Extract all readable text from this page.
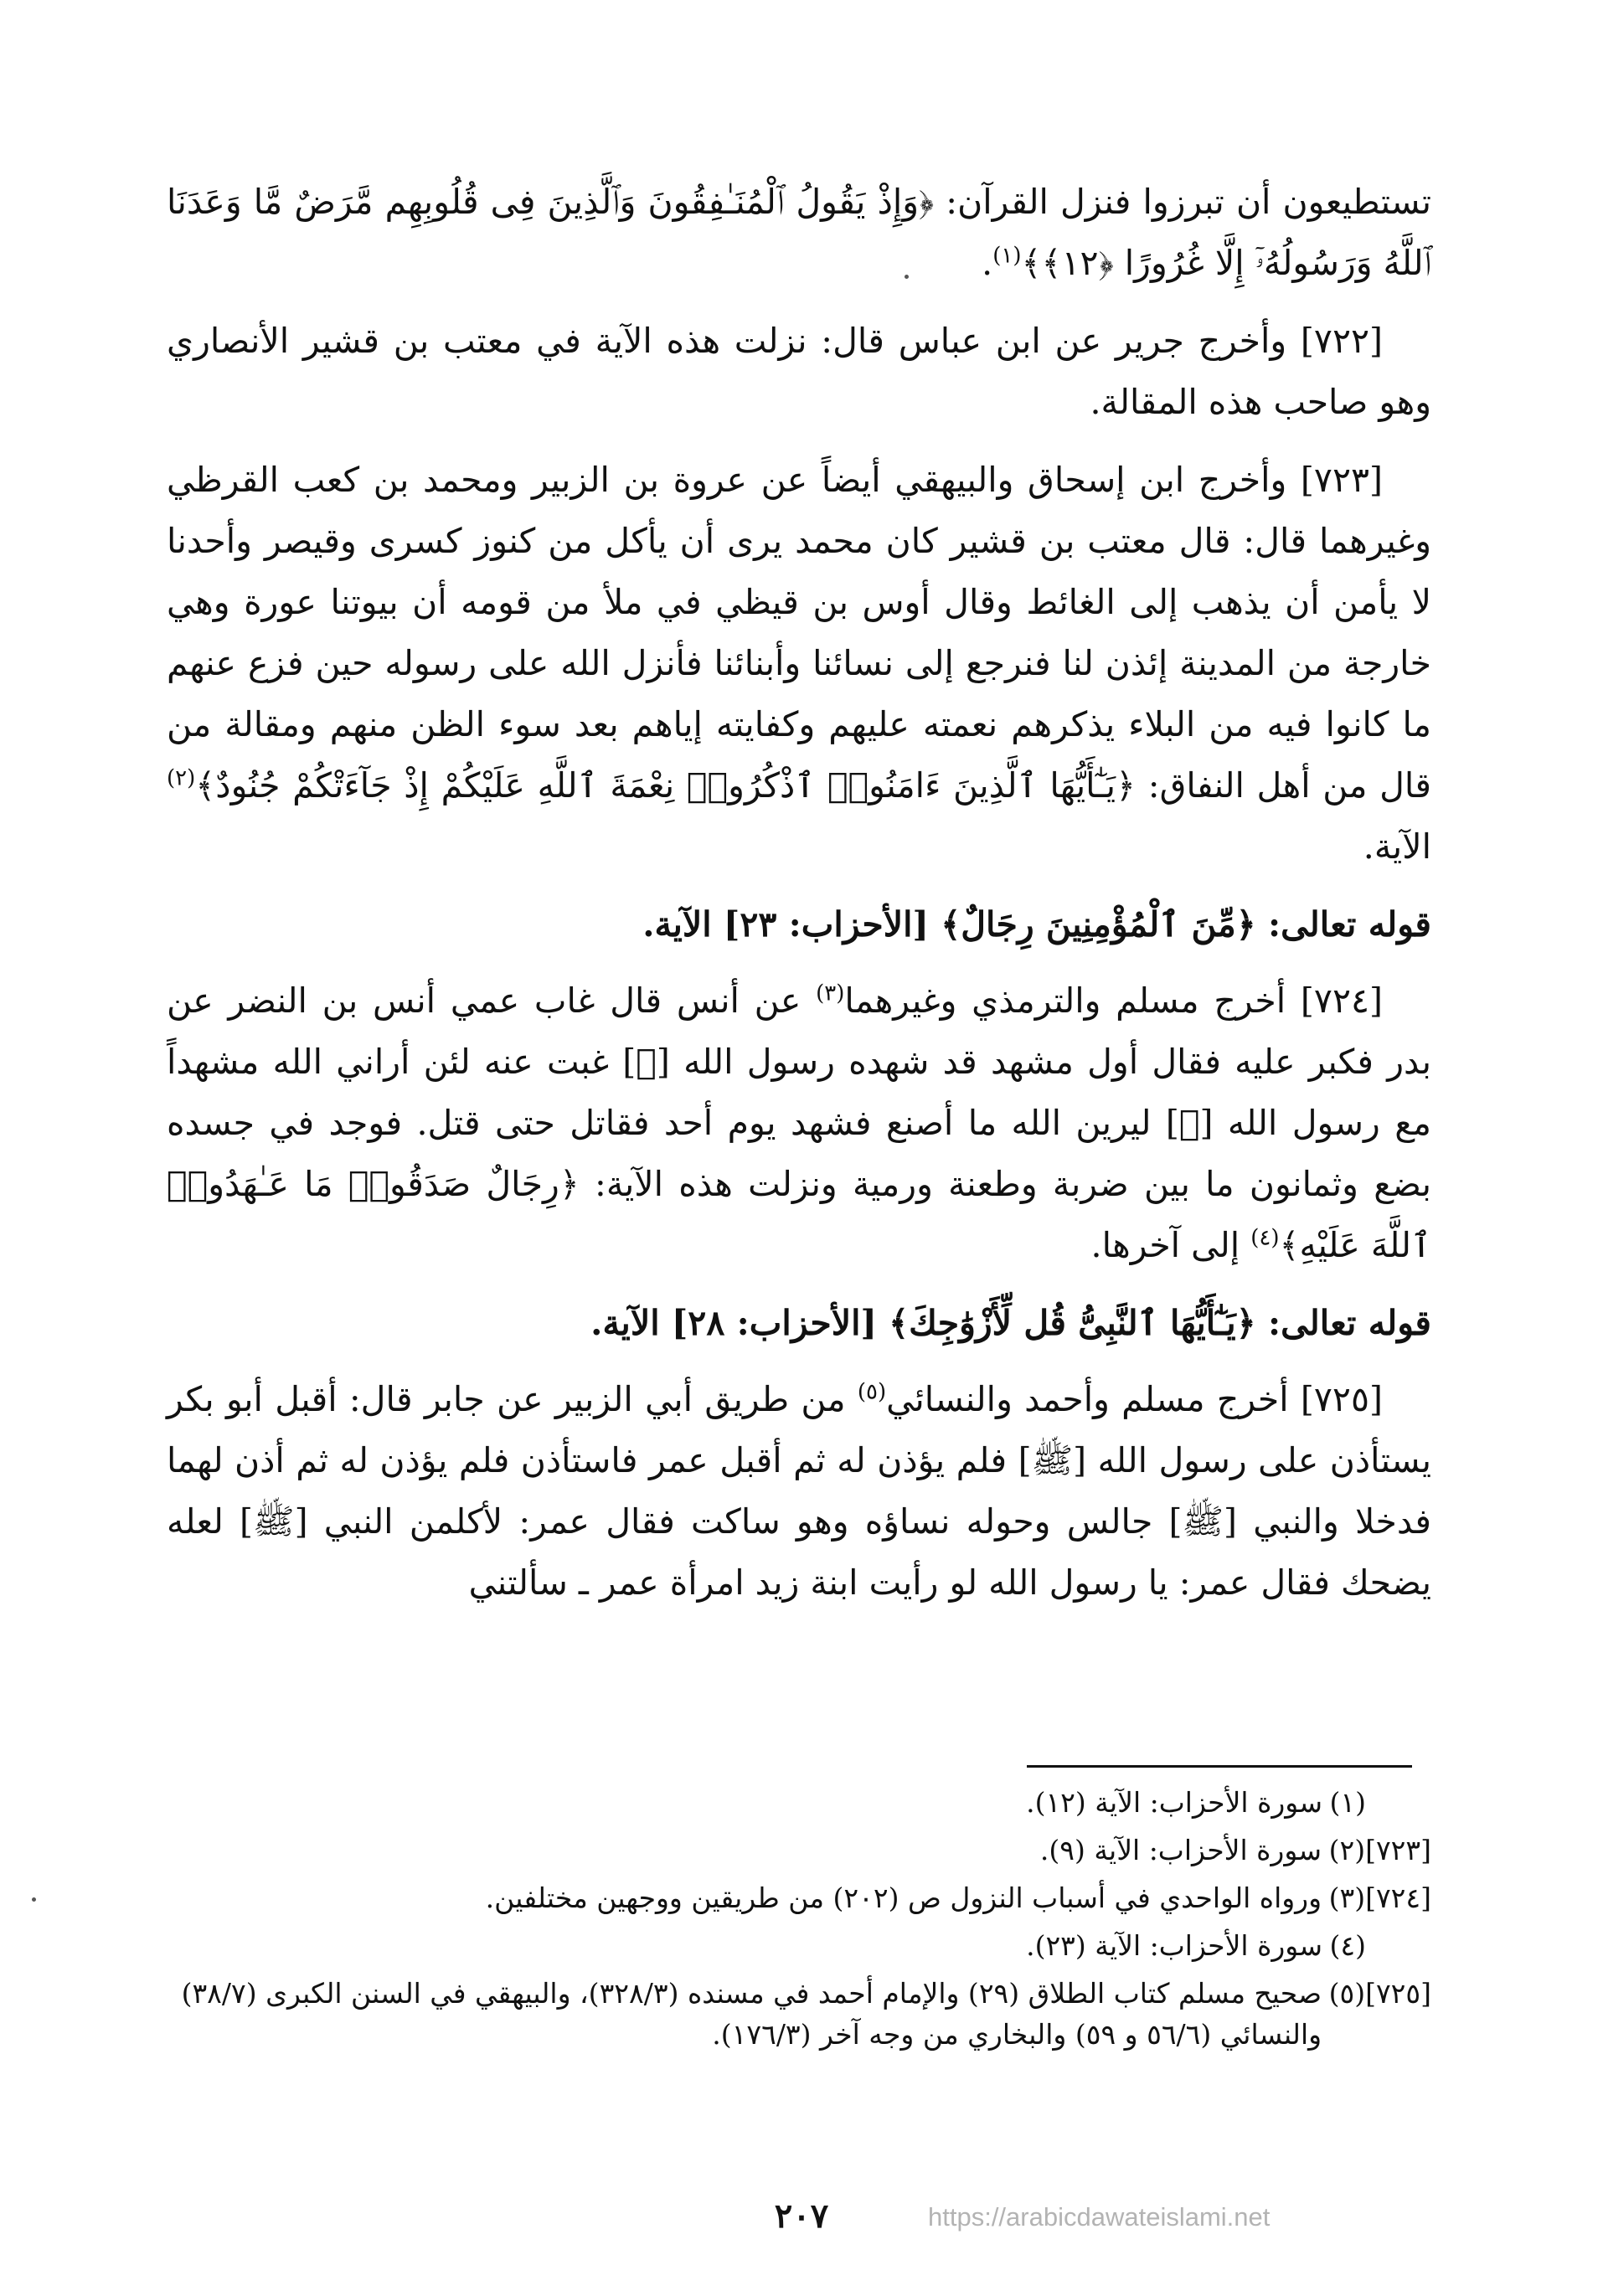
تستطيعون أن تبرزوا فنزل القرآن: ﴿وَإِذْ يَقُولُ ٱلْمُنَـٰفِقُونَ وَٱلَّذِينَ فِى قُلُوبِهِم مَّرَضٌ مَّا وَعَدَنَا ٱللَّهُ وَرَسُولُهُۥٓ إِلَّا غُرُورًا ﴿١٢﴾﴾$^{(١)}$.

[٧٢٢] وأخرج جرير عن ابن عباس قال: نزلت هذه الآية في معتب بن قشير الأنصاري وهو صاحب هذه المقالة.

[٧٢٣] وأخرج ابن إسحاق والبيهقي أيضاً عن عروة بن الزبير ومحمد بن كعب القرظي وغيرهما قال: قال معتب بن قشير كان محمد يرى أن يأكل من كنوز كسرى وقيصر وأحدنا لا يأمن أن يذهب إلى الغائط وقال أوس بن قيظي في ملأ من قومه أن بيوتنا عورة وهي خارجة من المدينة إئذن لنا فنرجع إلى نسائنا وأبنائنا فأنزل الله على رسوله حين فزع عنهم ما كانوا فيه من البلاء يذكرهم نعمته عليهم وكفايته إياهم بعد سوء الظن منهم ومقالة من قال من أهل النفاق: ﴿يَـٰٓأَيُّهَا ٱلَّذِينَ ءَامَنُوا۟ ٱذْكُرُوا۟ نِعْمَةَ ٱللَّهِ عَلَيْكُمْ إِذْ جَآءَتْكُمْ جُنُودٌ﴾$^{(٢)}$ الآية.

قوله تعالى: ﴿مِّنَ ٱلْمُؤْمِنِينَ رِجَالٌ﴾ [الأحزاب: ٢٣] الآية.

[٧٢٤] أخرج مسلم والترمذي وغيرهما$^{(٣)}$ عن أنس قال غاب عمي أنس بن النضر عن بدر فكبر عليه فقال أول مشهد قد شهده رسول الله [ﷺ] غبت عنه لئن أراني الله مشهداً مع رسول الله [ﷺ] ليرين الله ما أصنع فشهد يوم أحد فقاتل حتى قتل. فوجد في جسده بضع وثمانون ما بين ضربة وطعنة ورمية ونزلت هذه الآية: ﴿رِجَالٌ صَدَقُوا۟ مَا عَـٰهَدُوا۟ ٱللَّهَ عَلَيْهِ﴾$^{(٤)}$ إلى آخرها.

قوله تعالى: ﴿يَـٰٓأَيُّهَا ٱلنَّبِىُّ قُل لِّأَزْوَٰجِكَ﴾ [الأحزاب: ٢٨] الآية.

[٧٢٥] أخرج مسلم وأحمد والنسائي$^{(٥)}$ من طريق أبي الزبير عن جابر قال: أقبل أبو بكر يستأذن على رسول الله [ﷺ] فلم يؤذن له ثم أقبل عمر فاستأذن فلم يؤذن له ثم أذن لهما فدخلا والنبي [ﷺ] جالس وحوله نساؤه وهو ساكت فقال عمر: لأكلمن النبي [ﷺ] لعله يضحك فقال عمر: يا رسول الله لو رأيت ابنة زيد امرأة عمر ـ سألتني

(١)
سورة الأحزاب: الآية (١٢).
[٧٢٣]
(٢)
سورة الأحزاب: الآية (٩).
[٧٢٤]
(٣)
ورواه الواحدي في أسباب النزول ص (٢٠٢) من طريقين ووجهين مختلفين.
(٤)
سورة الأحزاب: الآية (٢٣).
[٧٢٥]
(٥)
صحيح مسلم كتاب الطلاق (٢٩) والإمام أحمد في مسنده (٣٢٨/٣)، والبيهقي في السنن الكبرى (٣٨/٧) والنسائي (٥٦/٦ و ٥٩) والبخاري من وجه آخر (١٧٦/٣).
٢٠٧	https://arabicdawateislami.net
